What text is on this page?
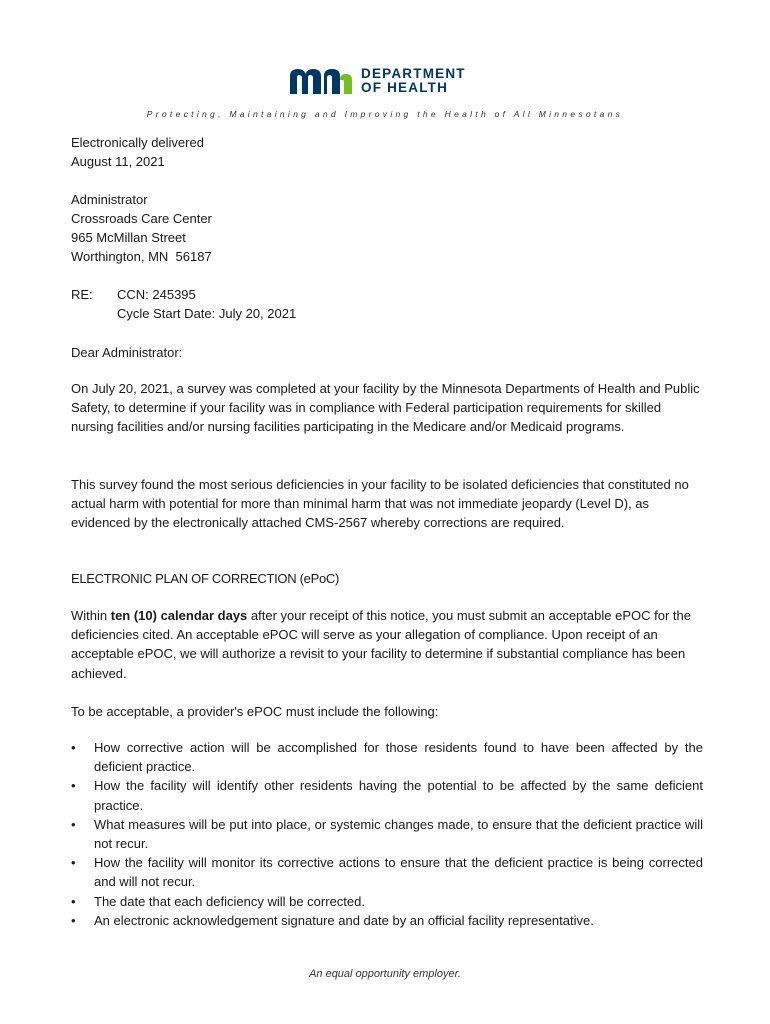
DEPARTMENT
OF HEALTH
Protecting, Maintaining and Improving the Health of All Minnesotans
Electronically delivered
August 11, 2021
Administrator
Crossroads Care Center
965 McMillan Street
Worthington, MN  56187
RE: CCN: 245395
Cycle Start Date: July 20, 2021
Dear Administrator:

On July 20, 2021, a survey was completed at your facility by the Minnesota Departments of Health and Public Safety, to determine if your facility was in compliance with Federal participation requirements for skilled nursing facilities and/or nursing facilities participating in the Medicare and/or Medicaid programs.

This survey found the most serious deficiencies in your facility to be isolated deficiencies that constituted no actual harm with potential for more than minimal harm that was not immediate jeopardy (Level D), as evidenced by the electronically attached CMS-2567 whereby corrections are required.

ELECTRONIC PLAN OF CORRECTION (ePoC)

Within ten (10) calendar days after your receipt of this notice, you must submit an acceptable ePOC for the deficiencies cited. An acceptable ePOC will serve as your allegation of compliance. Upon receipt of an acceptable ePOC, we will authorize a revisit to your facility to determine if substantial compliance has been achieved.

To be acceptable, a provider's ePOC must include the following:
• How corrective action will be accomplished for those residents found to have been affected by the deficient practice.
• How the facility will identify other residents having the potential to be affected by the same deficient practice.
• What measures will be put into place, or systemic changes made, to ensure that the deficient practice will not recur.
• How the facility will monitor its corrective actions to ensure that the deficient practice is being corrected and will not recur.
• The date that each deficiency will be corrected.
• An electronic acknowledgement signature and date by an official facility representative.
An equal opportunity employer.
